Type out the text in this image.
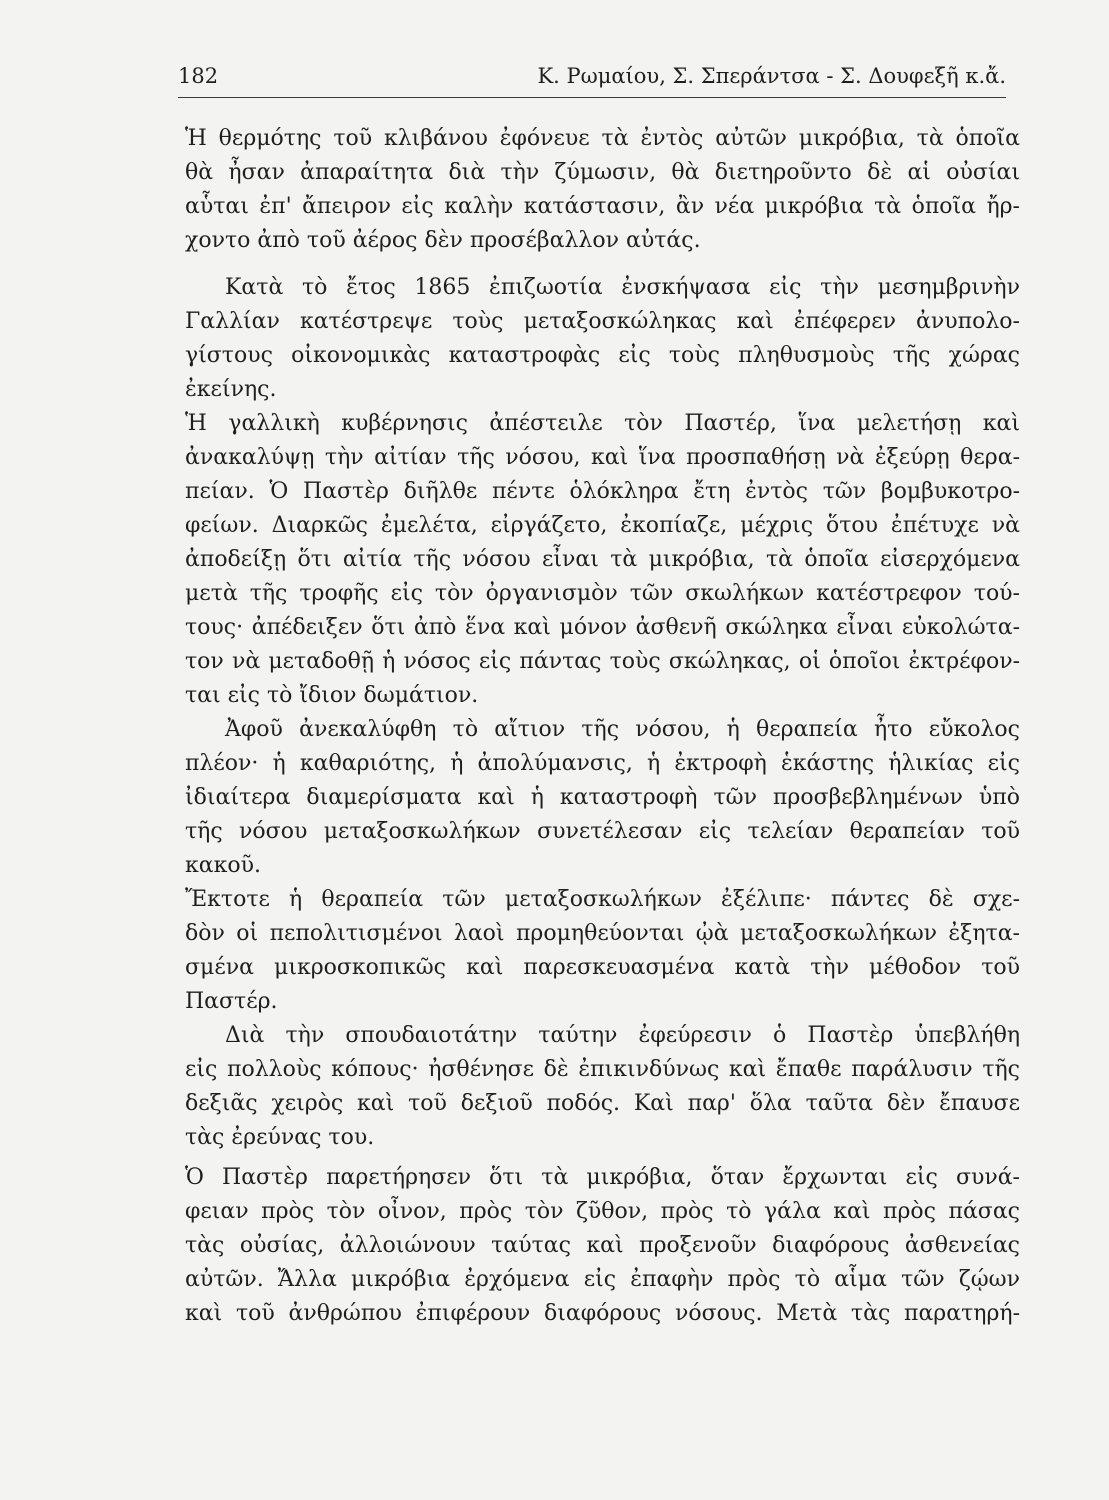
182	Κ. Ρωμαίου, Σ. Σπεράντσα - Σ. Δουφεξῆ κ.ἄ.
Ἡ θερμότης τοῦ κλιβάνου ἐφόνευε τὰ ἐντὸς αὐτῶν μικρόβια, τὰ ὁποῖα
θὰ ἦσαν ἀπαραίτητα διὰ τὴν ζύμωσιν, θὰ διετηροῦντο δὲ αἱ οὐσίαι
αὗται ἐπ' ἄπειρον εἰς καλὴν κατάστασιν, ἂν νέα μικρόβια τὰ ὁποῖα ἤρ-
χοντο ἀπὸ τοῦ ἀέρος δὲν προσέβαλλον αὐτάς.
Κατὰ τὸ ἔτος 1865 ἐπιζωοτία ἐνσκήψασα εἰς τὴν μεσημβρινὴν
Γαλλίαν κατέστρεψε τοὺς μεταξοσκώληκας καὶ ἐπέφερεν ἀνυπολο-
γίστους οἰκονομικὰς καταστροφὰς εἰς τοὺς πληθυσμοὺς τῆς χώρας
ἐκείνης.
Ἡ γαλλικὴ κυβέρνησις ἀπέστειλε τὸν Παστέρ, ἵνα μελετήσῃ καὶ
ἀνακαλύψῃ τὴν αἰτίαν τῆς νόσου, καὶ ἵνα προσπαθήσῃ νὰ ἐξεύρῃ θερα-
πείαν. Ὁ Παστὲρ διῆλθε πέντε ὁλόκληρα ἔτη ἐντὸς τῶν βομβυκοτρο-
φείων. Διαρκῶς ἐμελέτα, εἰργάζετο, ἐκοπίαζε, μέχρις ὅτου ἐπέτυχε νὰ
ἀποδείξῃ ὅτι αἰτία τῆς νόσου εἶναι τὰ μικρόβια, τὰ ὁποῖα εἰσερχόμενα
μετὰ τῆς τροφῆς εἰς τὸν ὀργανισμὸν τῶν σκωλήκων κατέστρεφον τού-
τους· ἀπέδειξεν ὅτι ἀπὸ ἕνα καὶ μόνον ἀσθενῆ σκώληκα εἶναι εὐκολώτα-
τον νὰ μεταδοθῇ ἡ νόσος εἰς πάντας τοὺς σκώληκας, οἱ ὁποῖοι ἐκτρέφον-
ται εἰς τὸ ἴδιον δωμάτιον.
Ἀφοῦ ἀνεκαλύφθη τὸ αἴτιον τῆς νόσου, ἡ θεραπεία ἦτο εὔκολος
πλέον· ἡ καθαριότης, ἡ ἀπολύμανσις, ἡ ἐκτροφὴ ἑκάστης ἡλικίας εἰς
ἰδιαίτερα διαμερίσματα καὶ ἡ καταστροφὴ τῶν προσβεβλημένων ὑπὸ
τῆς νόσου μεταξοσκωλήκων συνετέλεσαν εἰς τελείαν θεραπείαν τοῦ
κακοῦ.
Ἔκτοτε ἡ θεραπεία τῶν μεταξοσκωλήκων ἐξέλιπε· πάντες δὲ σχε-
δὸν οἱ πεπολιτισμένοι λαοὶ προμηθεύονται ᾠὰ μεταξοσκωλήκων ἐξητα-
σμένα μικροσκοπικῶς καὶ παρεσκευασμένα κατὰ τὴν μέθοδον τοῦ
Παστέρ.
Διὰ τὴν σπουδαιοτάτην ταύτην ἐφεύρεσιν ὁ Παστὲρ ὑπεβλήθη
εἰς πολλοὺς κόπους· ἠσθένησε δὲ ἐπικινδύνως καὶ ἔπαθε παράλυσιν τῆς
δεξιᾶς χειρὸς καὶ τοῦ δεξιοῦ ποδός. Καὶ παρ' ὅλα ταῦτα δὲν ἔπαυσε
τὰς ἐρεύνας του.
Ὁ Παστὲρ παρετήρησεν ὅτι τὰ μικρόβια, ὅταν ἔρχωνται εἰς συνά-
φειαν πρὸς τὸν οἶνον, πρὸς τὸν ζῦθον, πρὸς τὸ γάλα καὶ πρὸς πάσας
τὰς οὐσίας, ἀλλοιώνουν ταύτας καὶ προξενοῦν διαφόρους ἀσθενείας
αὐτῶν. Ἄλλα μικρόβια ἐρχόμενα εἰς ἐπαφὴν πρὸς τὸ αἷμα τῶν ζῴων
καὶ τοῦ ἀνθρώπου ἐπιφέρουν διαφόρους νόσους. Μετὰ τὰς παρατηρή-
